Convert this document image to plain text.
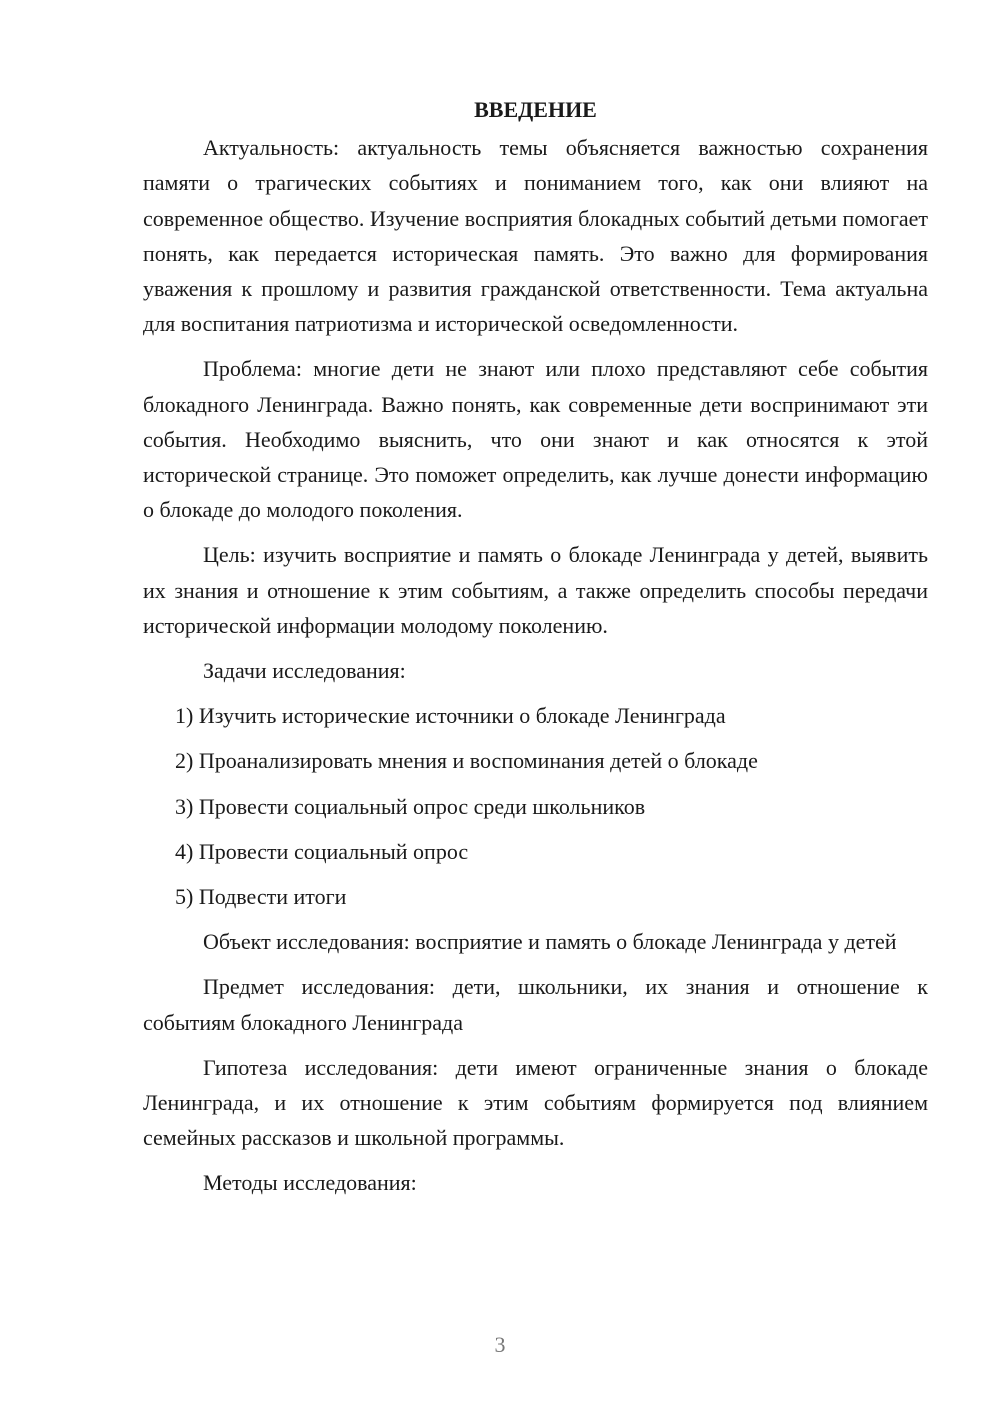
ВВЕДЕНИЕ

Актуальность: актуальность темы объясняется важностью сохранения памяти о трагических событиях и пониманием того, как они влияют на современное общество. Изучение восприятия блокадных событий детьми помогает понять, как передается историческая память. Это важно для формирования уважения к прошлому и развития гражданской ответственности. Тема актуальна для воспитания патриотизма и исторической осведомленности.

Проблема: многие дети не знают или плохо представляют себе события блокадного Ленинграда. Важно понять, как современные дети воспринимают эти события. Необходимо выяснить, что они знают и как относятся к этой исторической странице. Это поможет определить, как лучше донести информацию о блокаде до молодого поколения.

Цель: изучить восприятие и память о блокаде Ленинграда у детей, выявить их знания и отношение к этим событиям, а также определить способы передачи исторической информации молодому поколению.

Задачи исследования:
1) Изучить исторические источники о блокаде Ленинграда
2) Проанализировать мнения и воспоминания детей о блокаде
3) Провести социальный опрос среди школьников
4) Провести социальный опрос
5) Подвести итоги

Объект исследования: восприятие и память о блокаде Ленинграда у детей

Предмет исследования: дети, школьники, их знания и отношение к событиям блокадного Ленинграда

Гипотеза исследования: дети имеют ограниченные знания о блокаде Ленинграда, и их отношение к этим событиям формируется под влиянием семейных рассказов и школьной программы.

Методы исследования:
3
